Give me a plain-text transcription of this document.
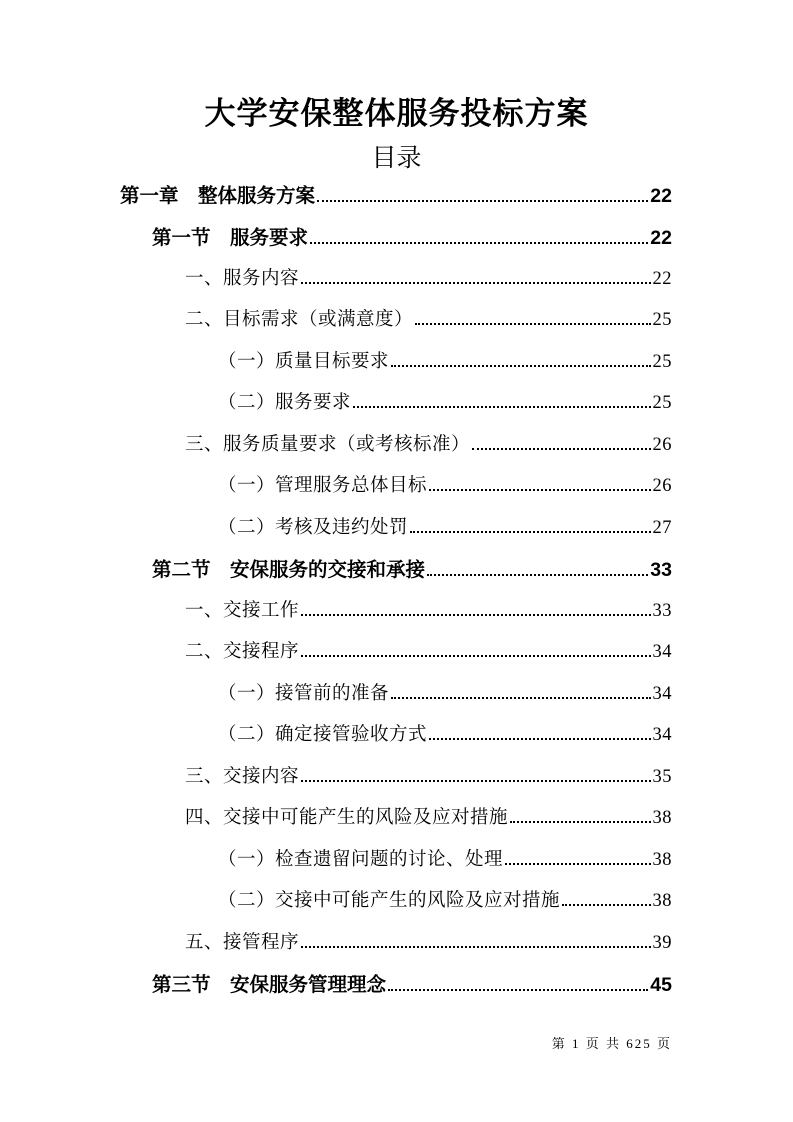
大学安保整体服务投标方案
目录
第一章　整体服务方案	22
第一节　服务要求	22
一、服务内容	22
二、目标需求（或满意度）	25
（一）质量目标要求	25
（二）服务要求	25
三、服务质量要求（或考核标准）	26
（一）管理服务总体目标	26
（二）考核及违约处罚	27
第二节　安保服务的交接和承接	33
一、交接工作	33
二、交接程序	34
（一）接管前的准备	34
（二）确定接管验收方式	34
三、交接内容	35
四、交接中可能产生的风险及应对措施	38
（一）检查遗留问题的讨论、处理	38
（二）交接中可能产生的风险及应对措施	38
五、接管程序	39
第三节　安保服务管理理念	45
第 1 页 共 625 页
